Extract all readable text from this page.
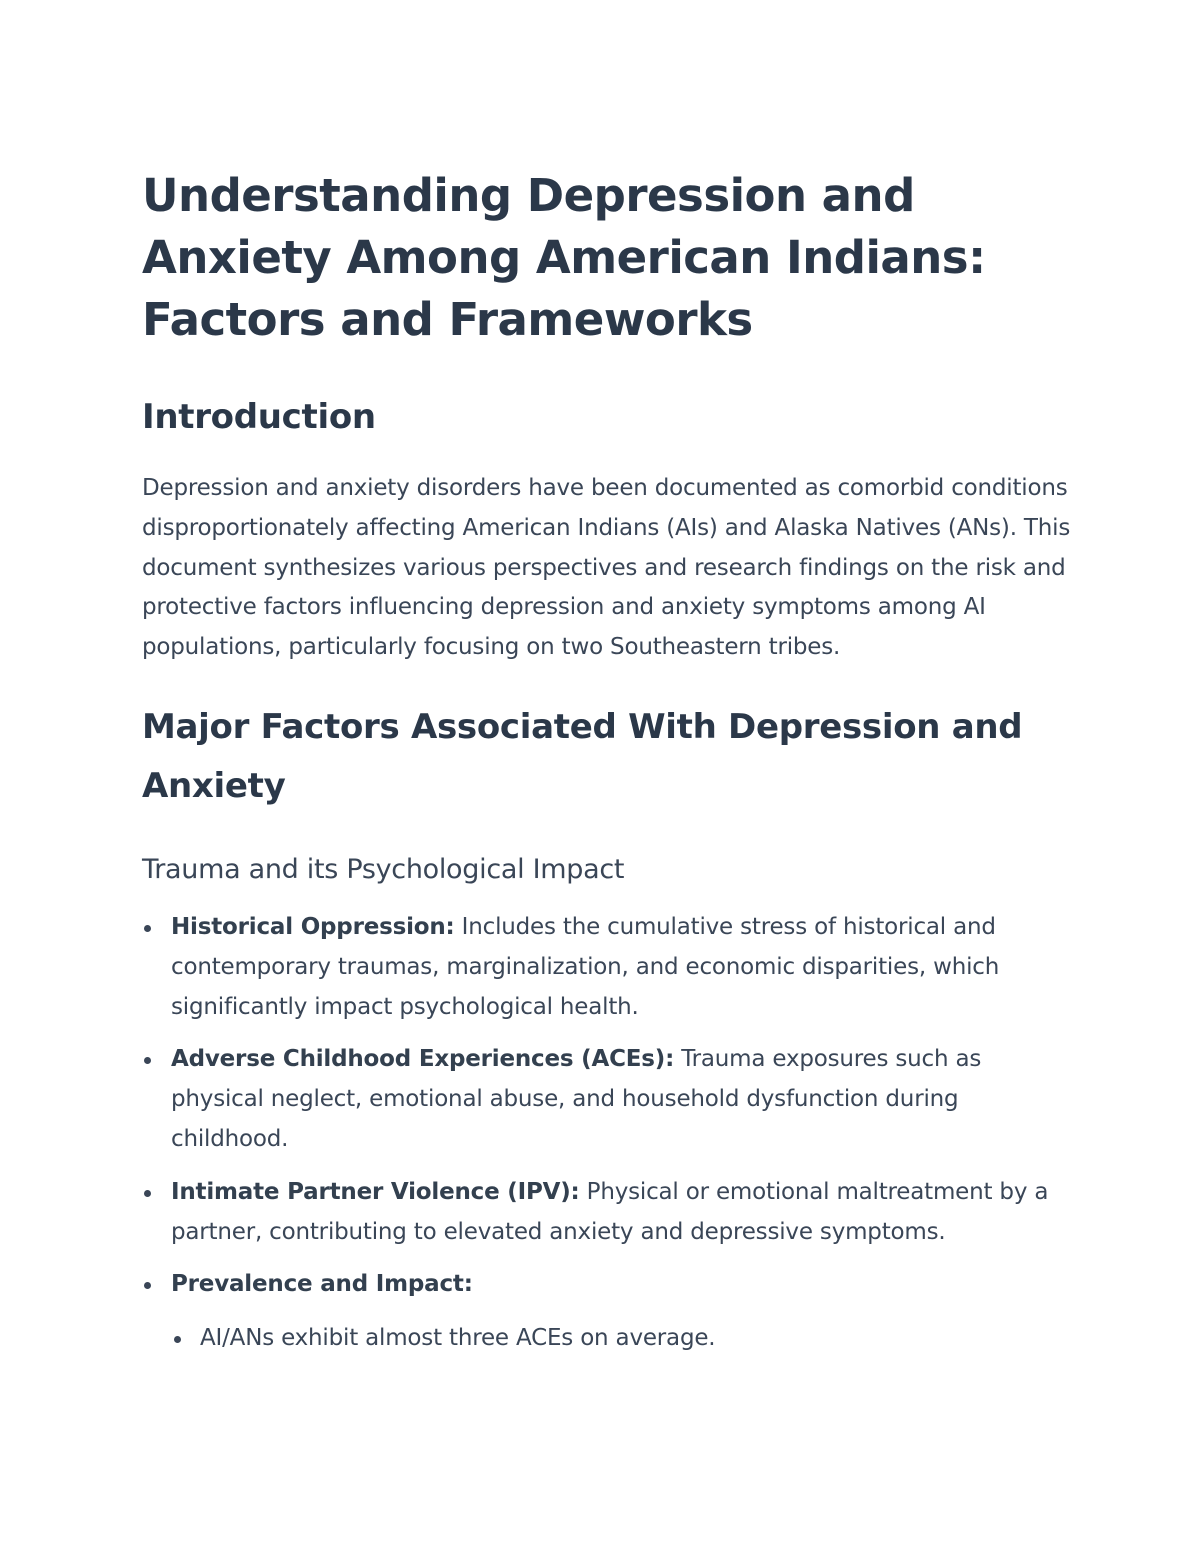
Understanding Depression and Anxiety Among American Indians: Factors and Frameworks
Introduction

Depression and anxiety disorders have been documented as comorbid conditions disproportionately affecting American Indians (AIs) and Alaska Natives (ANs). This document synthesizes various perspectives and research findings on the risk and protective factors influencing depression and anxiety symptoms among AI populations, particularly focusing on two Southeastern tribes.

Major Factors Associated With Depression and Anxiety
Trauma and its Psychological Impact
Historical Oppression: Includes the cumulative stress of historical and contemporary traumas, marginalization, and economic disparities, which significantly impact psychological health.
Adverse Childhood Experiences (ACEs): Trauma exposures such as physical neglect, emotional abuse, and household dysfunction during childhood.
Intimate Partner Violence (IPV): Physical or emotional maltreatment by a partner, contributing to elevated anxiety and depressive symptoms.
Prevalence and Impact:
AI/ANs exhibit almost three ACEs on average.
